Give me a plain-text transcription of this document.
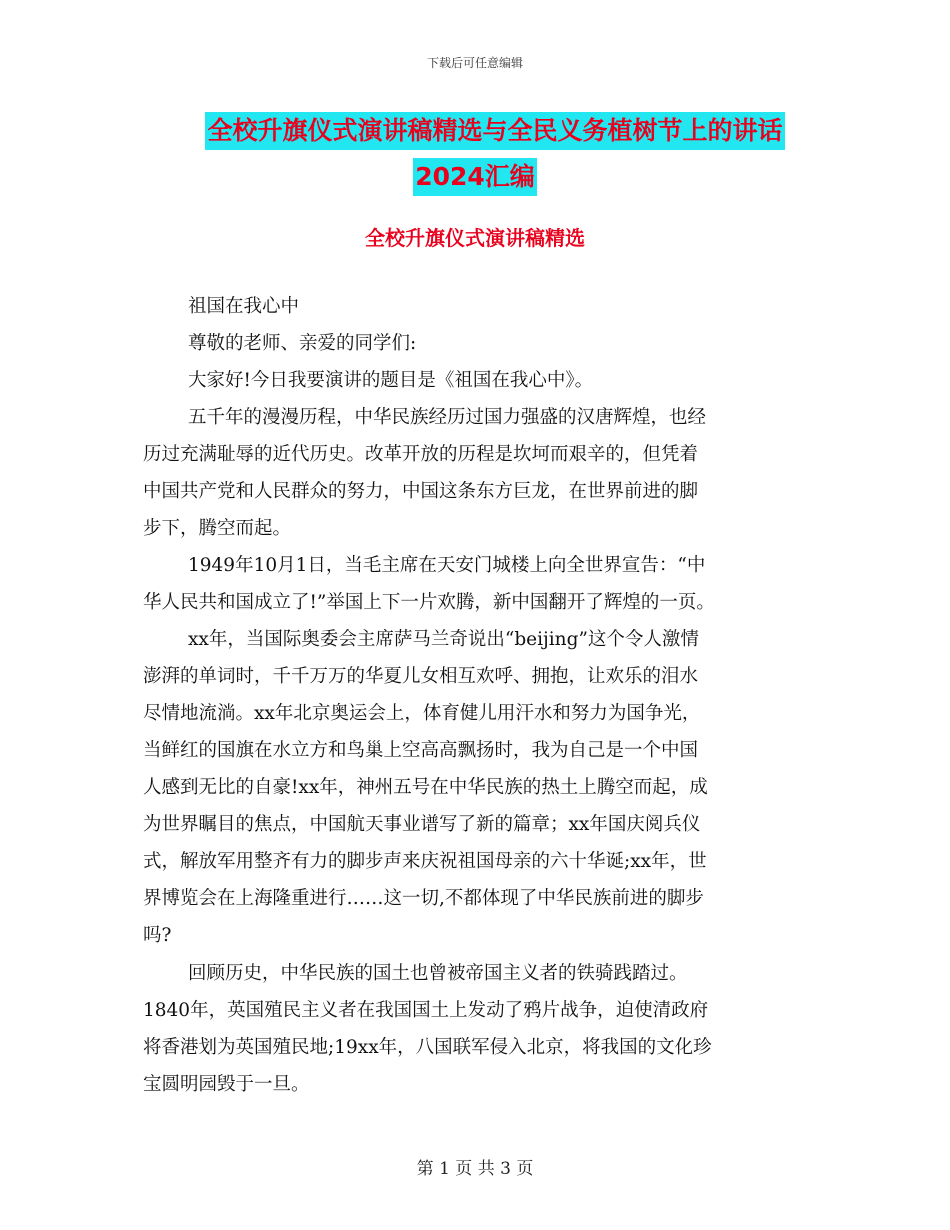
下载后可任意编辑
全校升旗仪式演讲稿精选与全民义务植树节上的讲话
2024汇编
全校升旗仪式演讲稿精选
祖国在我心中
尊敬的老师、亲爱的同学们:
大家好!今日我要演讲的题目是《祖国在我心中》。
五千年的漫漫历程，中华民族经历过国力强盛的汉唐辉煌，也经
历过充满耻辱的近代历史。改革开放的历程是坎坷而艰辛的，但凭着
中国共产党和人民群众的努力，中国这条东方巨龙，在世界前进的脚
步下，腾空而起。
1949年10月1日，当毛主席在天安门城楼上向全世界宣告：“中
华人民共和国成立了!”举国上下一片欢腾，新中国翻开了辉煌的一页。
xx年，当国际奥委会主席萨马兰奇说出“beijing”这个令人激情
澎湃的单词时，千千万万的华夏儿女相互欢呼、拥抱，让欢乐的泪水
尽情地流淌。xx年北京奥运会上，体育健儿用汗水和努力为国争光，
当鲜红的国旗在水立方和鸟巢上空高高飘扬时，我为自己是一个中国
人感到无比的自豪!xx年，神州五号在中华民族的热土上腾空而起，成
为世界瞩目的焦点，中国航天事业谱写了新的篇章；xx年国庆阅兵仪
式，解放军用整齐有力的脚步声来庆祝祖国母亲的六十华诞;xx年，世
界博览会在上海隆重进行……这一切,不都体现了中华民族前进的脚步
吗?
回顾历史，中华民族的国土也曾被帝国主义者的铁骑践踏过。
1840年，英国殖民主义者在我国国土上发动了鸦片战争，迫使清政府
将香港划为英国殖民地;19xx年，八国联军侵入北京，将我国的文化珍
宝圆明园毁于一旦。
第 1 页 共 3 页
